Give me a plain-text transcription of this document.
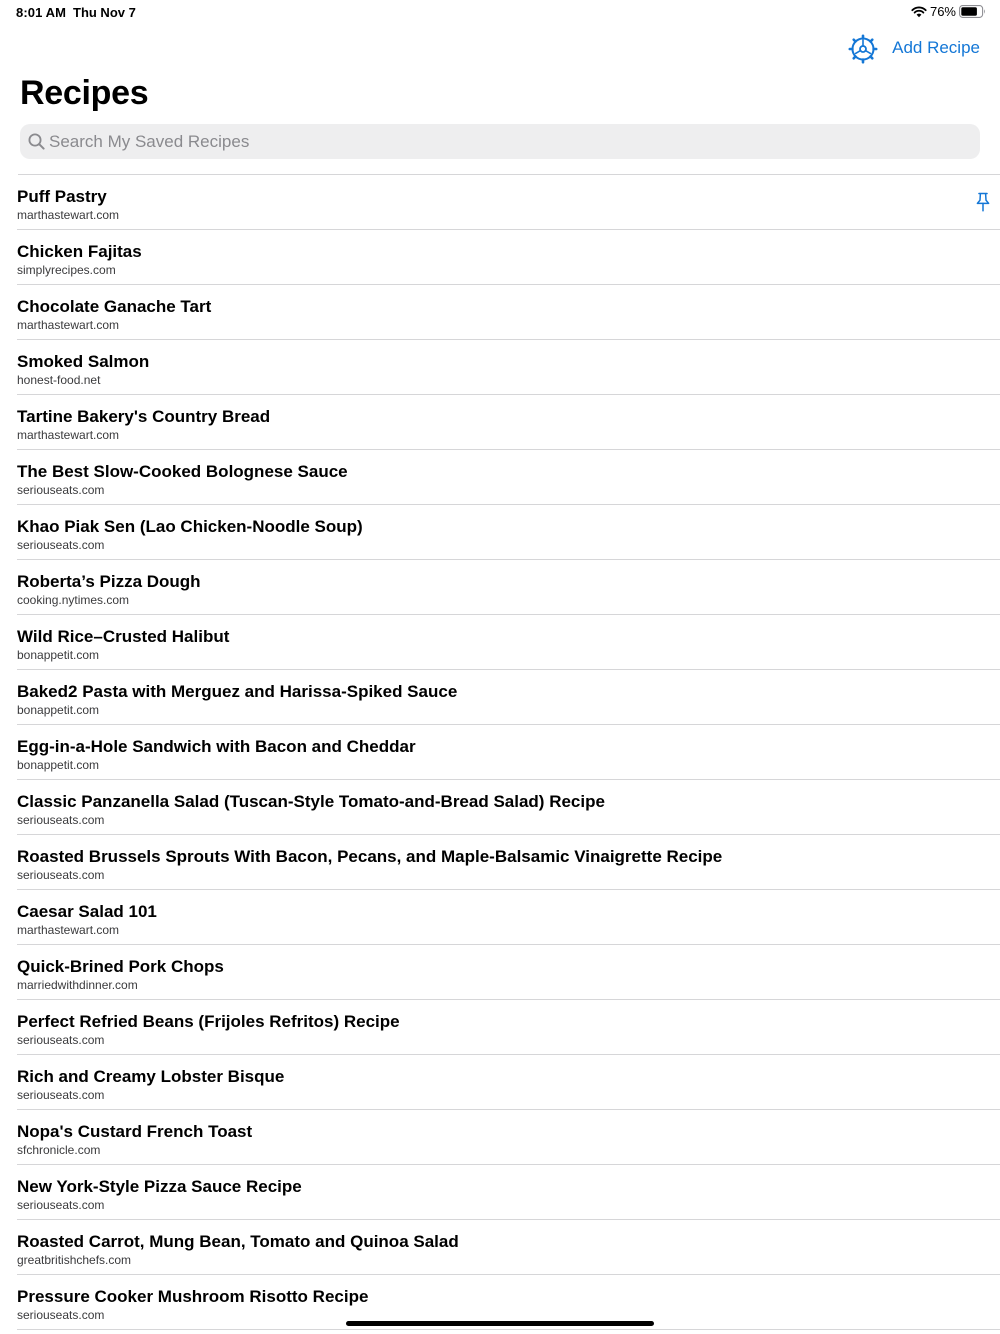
8:01 AM Thu Nov 7	76%
Add Recipe
Recipes
Search My Saved Recipes
Puff Pastry
marthastewart.com
Chicken Fajitas
simplyrecipes.com
Chocolate Ganache Tart
marthastewart.com
Smoked Salmon
honest-food.net
Tartine Bakery's Country Bread
marthastewart.com
The Best Slow-Cooked Bolognese Sauce
seriouseats.com
Khao Piak Sen (Lao Chicken-Noodle Soup)
seriouseats.com
Roberta’s Pizza Dough
cooking.nytimes.com
Wild Rice–Crusted Halibut
bonappetit.com
Baked2 Pasta with Merguez and Harissa-Spiked Sauce
bonappetit.com
Egg-in-a-Hole Sandwich with Bacon and Cheddar
bonappetit.com
Classic Panzanella Salad (Tuscan-Style Tomato-and-Bread Salad) Recipe
seriouseats.com
Roasted Brussels Sprouts With Bacon, Pecans, and Maple-Balsamic Vinaigrette Recipe
seriouseats.com
Caesar Salad 101
marthastewart.com
Quick-Brined Pork Chops
marriedwithdinner.com
Perfect Refried Beans (Frijoles Refritos) Recipe
seriouseats.com
Rich and Creamy Lobster Bisque
seriouseats.com
Nopa's Custard French Toast
sfchronicle.com
New York-Style Pizza Sauce Recipe
seriouseats.com
Roasted Carrot, Mung Bean, Tomato and Quinoa Salad
greatbritishchefs.com
Pressure Cooker Mushroom Risotto Recipe
seriouseats.com
